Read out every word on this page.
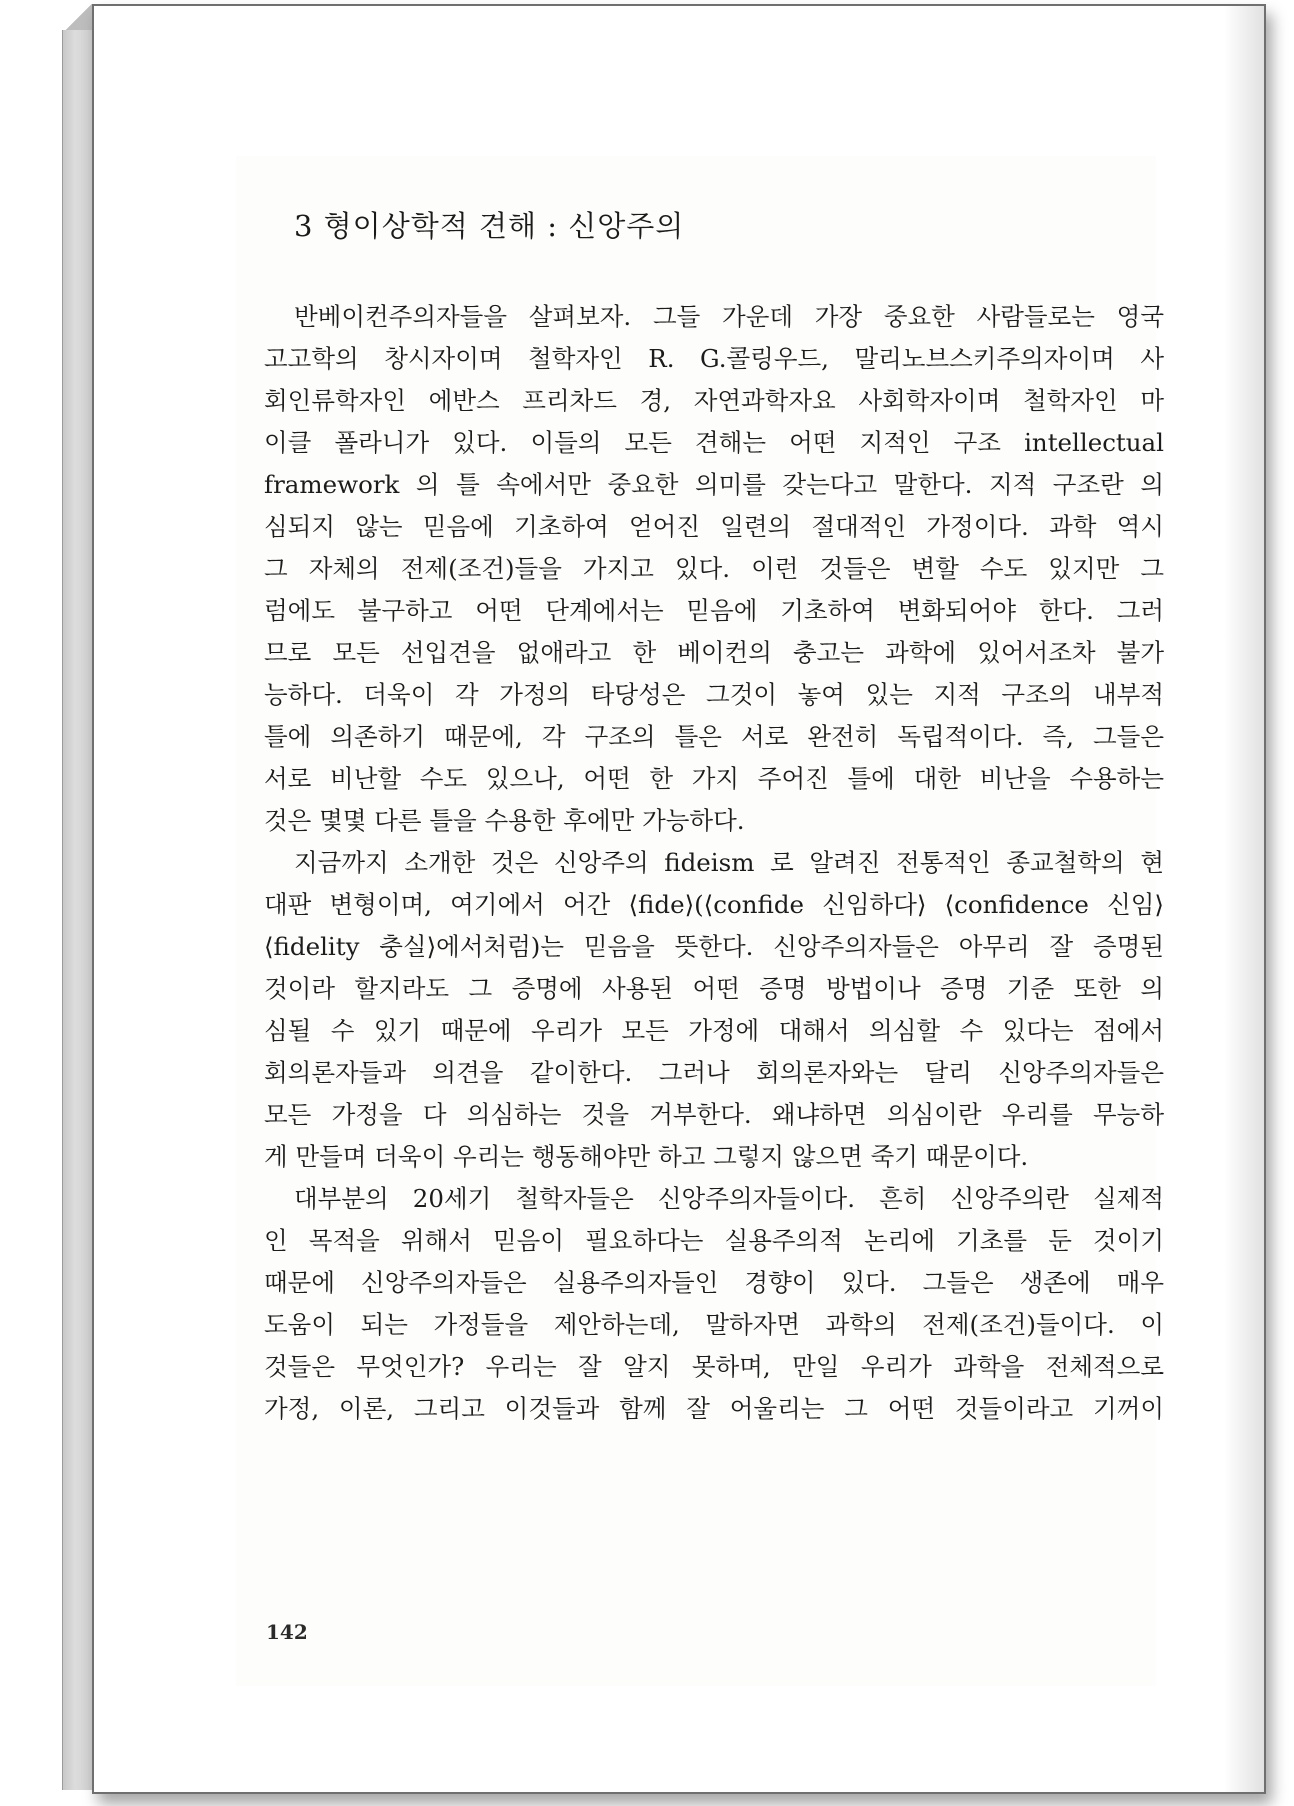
3 형이상학적 견해 : 신앙주의
반베이컨주의자들을 살펴보자. 그들 가운데 가장 중요한 사람들로는 영국
고고학의 창시자이며 철학자인 R. G.콜링우드, 말리노브스키주의자이며 사
회인류학자인 에반스 프리차드 경, 자연과학자요 사회학자이며 철학자인 마
이클 폴라니가 있다. 이들의 모든 견해는 어떤 지적인 구조 intellectual
framework 의 틀 속에서만 중요한 의미를 갖는다고 말한다. 지적 구조란 의
심되지 않는 믿음에 기초하여 얻어진 일련의 절대적인 가정이다. 과학 역시
그 자체의 전제(조건)들을 가지고 있다. 이런 것들은 변할 수도 있지만 그
럼에도 불구하고 어떤 단계에서는 믿음에 기초하여 변화되어야 한다. 그러
므로 모든 선입견을 없애라고 한 베이컨의 충고는 과학에 있어서조차 불가
능하다. 더욱이 각 가정의 타당성은 그것이 놓여 있는 지적 구조의 내부적
틀에 의존하기 때문에, 각 구조의 틀은 서로 완전히 독립적이다. 즉, 그들은
서로 비난할 수도 있으나, 어떤 한 가지 주어진 틀에 대한 비난을 수용하는
것은 몇몇 다른 틀을 수용한 후에만 가능하다.
지금까지 소개한 것은 신앙주의 fideism 로 알려진 전통적인 종교철학의 현
대판 변형이며, 여기에서 어간 ⟨fide⟩(⟨confide 신임하다⟩ ⟨confidence 신임⟩
⟨fidelity 충실⟩에서처럼)는 믿음을 뜻한다. 신앙주의자들은 아무리 잘 증명된
것이라 할지라도 그 증명에 사용된 어떤 증명 방법이나 증명 기준 또한 의
심될 수 있기 때문에 우리가 모든 가정에 대해서 의심할 수 있다는 점에서
회의론자들과 의견을 같이한다. 그러나 회의론자와는 달리 신앙주의자들은
모든 가정을 다 의심하는 것을 거부한다. 왜냐하면 의심이란 우리를 무능하
게 만들며 더욱이 우리는 행동해야만 하고 그렇지 않으면 죽기 때문이다.
대부분의 20세기 철학자들은 신앙주의자들이다. 흔히 신앙주의란 실제적
인 목적을 위해서 믿음이 필요하다는 실용주의적 논리에 기초를 둔 것이기
때문에 신앙주의자들은 실용주의자들인 경향이 있다. 그들은 생존에 매우
도움이 되는 가정들을 제안하는데, 말하자면 과학의 전제(조건)들이다. 이
것들은 무엇인가? 우리는 잘 알지 못하며, 만일 우리가 과학을 전체적으로
가정, 이론, 그리고 이것들과 함께 잘 어울리는 그 어떤 것들이라고 기꺼이
142
